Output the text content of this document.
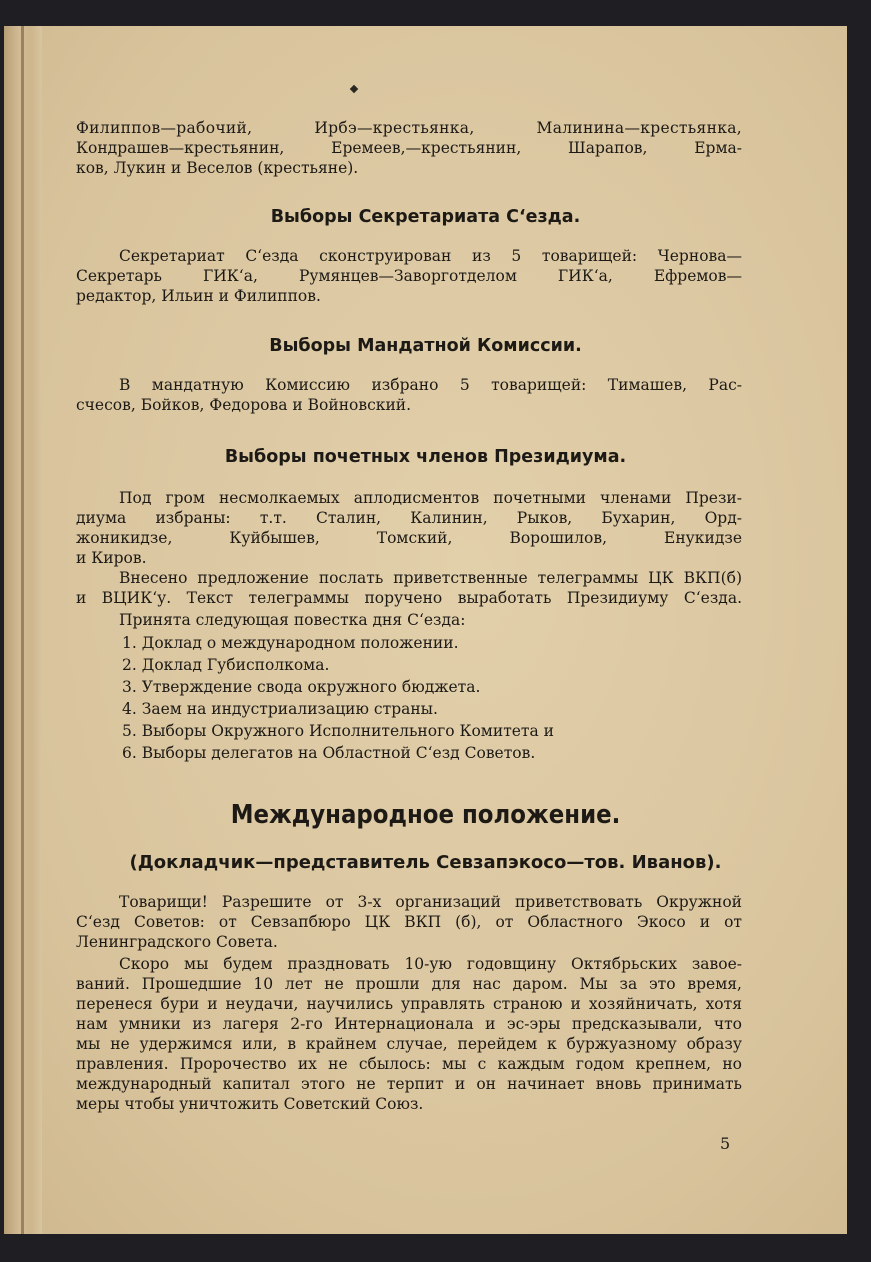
Филиппов—рабочий, Ирбэ—крестьянка, Малинина—крестьянка,
Кондрашев—крестьянин, Еремеев,—крестьянин, Шарапов, Ерма-
ков, Лукин и Веселов (крестьяне).
Выборы Секретариата С‘езда.
Секретариат С‘езда сконструирован из 5 товарищей: Чернова—
Секретарь ГИК‘а, Румянцев—Заворготделом ГИК‘а, Ефремов—
редактор, Ильин и Филиппов.
Выборы Мандатной Комиссии.
В мандатную Комиссию избрано 5 товарищей: Тимашев, Рас-
счесов, Бойков, Федорова и Войновский.
Выборы почетных членов Президиума.
Под гром несмолкаемых аплодисментов почетными членами Прези-
диума избраны: т.т. Сталин, Калинин, Рыков, Бухарин, Орд-
жоникидзе, Куйбышев, Томский, Ворошилов, Енукидзе
и Киров.
Внесено предложение послать приветственные телеграммы ЦК ВКП(б)
и ВЦИК‘у. Текст телеграммы поручено выработать Президиуму С‘езда.
Принята следующая повестка дня С‘езда:
1. Доклад о международном положении.
2. Доклад Губисполкома.
3. Утверждение свода окружного бюджета.
4. Заем на индустриализацию страны.
5. Выборы Окружного Исполнительного Комитета и
6. Выборы делегатов на Областной С‘езд Советов.
Международное положение.
(Докладчик—представитель Севзапэкосо—тов. Иванов).
Товарищи! Разрешите от 3-х организаций приветствовать Окружной
С‘езд Советов: от Севзапбюро ЦК ВКП (б), от Областного Экосо и от
Ленинградского Совета.
Скоро мы будем праздновать 10-ую годовщину Октябрьских завое-
ваний. Прошедшие 10 лет не прошли для нас даром. Мы за это время,
перенеся бури и неудачи, научились управлять страною и хозяйничать, хотя
нам умники из лагеря 2-го Интернационала и эс-эры предсказывали, что
мы не удержимся или, в крайнем случае, перейдем к буржуазному образу
правления. Пророчество их не сбылось: мы с каждым годом крепнем, но
международный капитал этого не терпит и он начинает вновь принимать
меры чтобы уничтожить Советский Союз.
5
